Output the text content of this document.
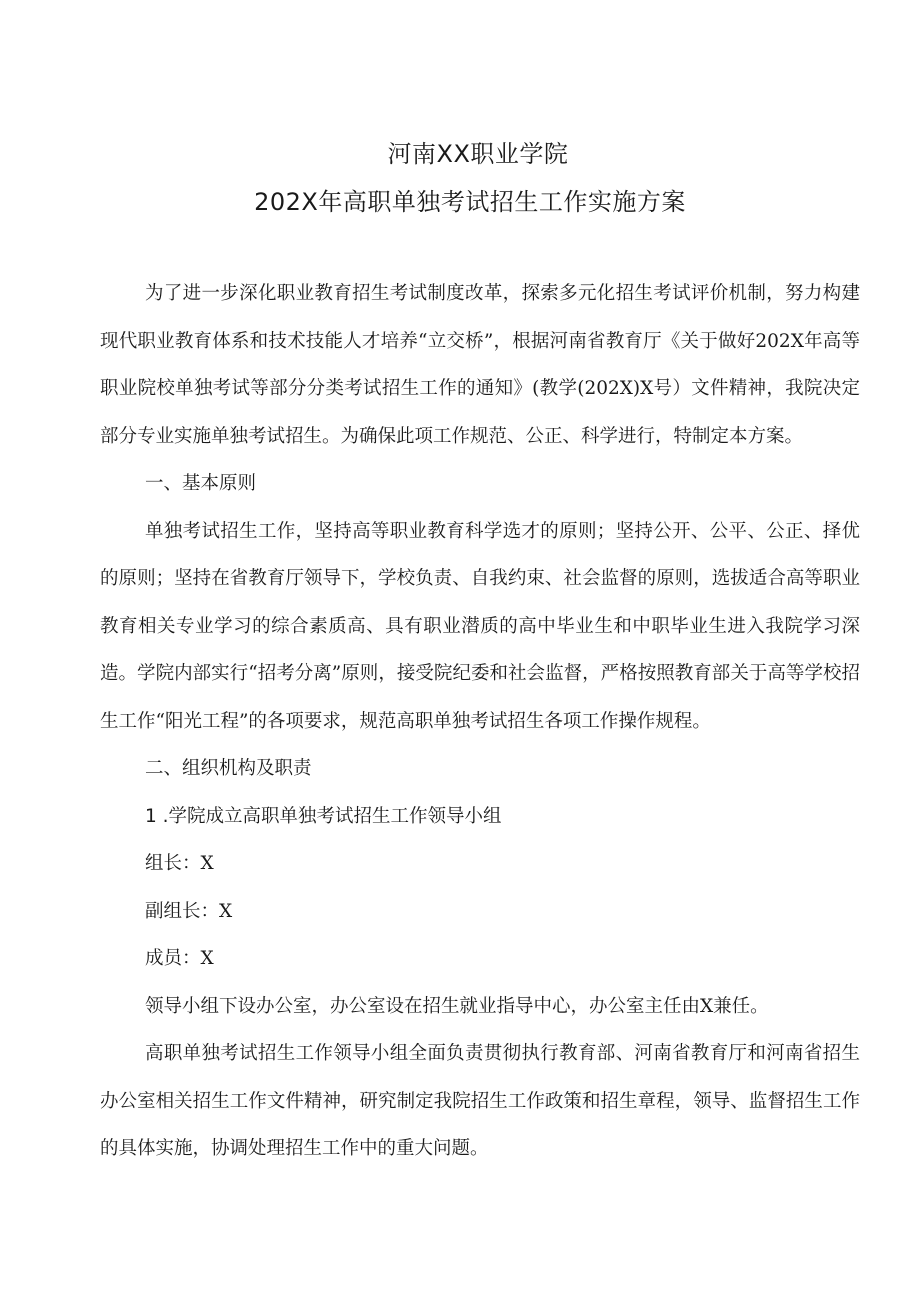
河南XX职业学院
202X年高职单独考试招生工作实施方案

为了进一步深化职业教育招生考试制度改革，探索多元化招生考试评价机制，努力构建现代职业教育体系和技术技能人才培养“立交桥”，根据河南省教育厅《关于做好202X年高等职业院校单独考试等部分分类考试招生工作的通知》(教学(202X)X号）文件精神，我院决定部分专业实施单独考试招生。为确保此项工作规范、公正、科学进行，特制定本方案。

一、基本原则

单独考试招生工作，坚持高等职业教育科学选才的原则；坚持公开、公平、公正、择优的原则；坚持在省教育厅领导下，学校负责、自我约束、社会监督的原则，选拔适合高等职业教育相关专业学习的综合素质高、具有职业潜质的高中毕业生和中职毕业生进入我院学习深造。学院内部实行“招考分离”原则，接受院纪委和社会监督，严格按照教育部关于高等学校招生工作“阳光工程”的各项要求，规范高职单独考试招生各项工作操作规程。

二、组织机构及职责

1 .学院成立高职单独考试招生工作领导小组

组长：X

副组长：X

成员：X

领导小组下设办公室，办公室设在招生就业指导中心，办公室主任由X兼任。

高职单独考试招生工作领导小组全面负责贯彻执行教育部、河南省教育厅和河南省招生办公室相关招生工作文件精神，研究制定我院招生工作政策和招生章程，领导、监督招生工作的具体实施，协调处理招生工作中的重大问题。
